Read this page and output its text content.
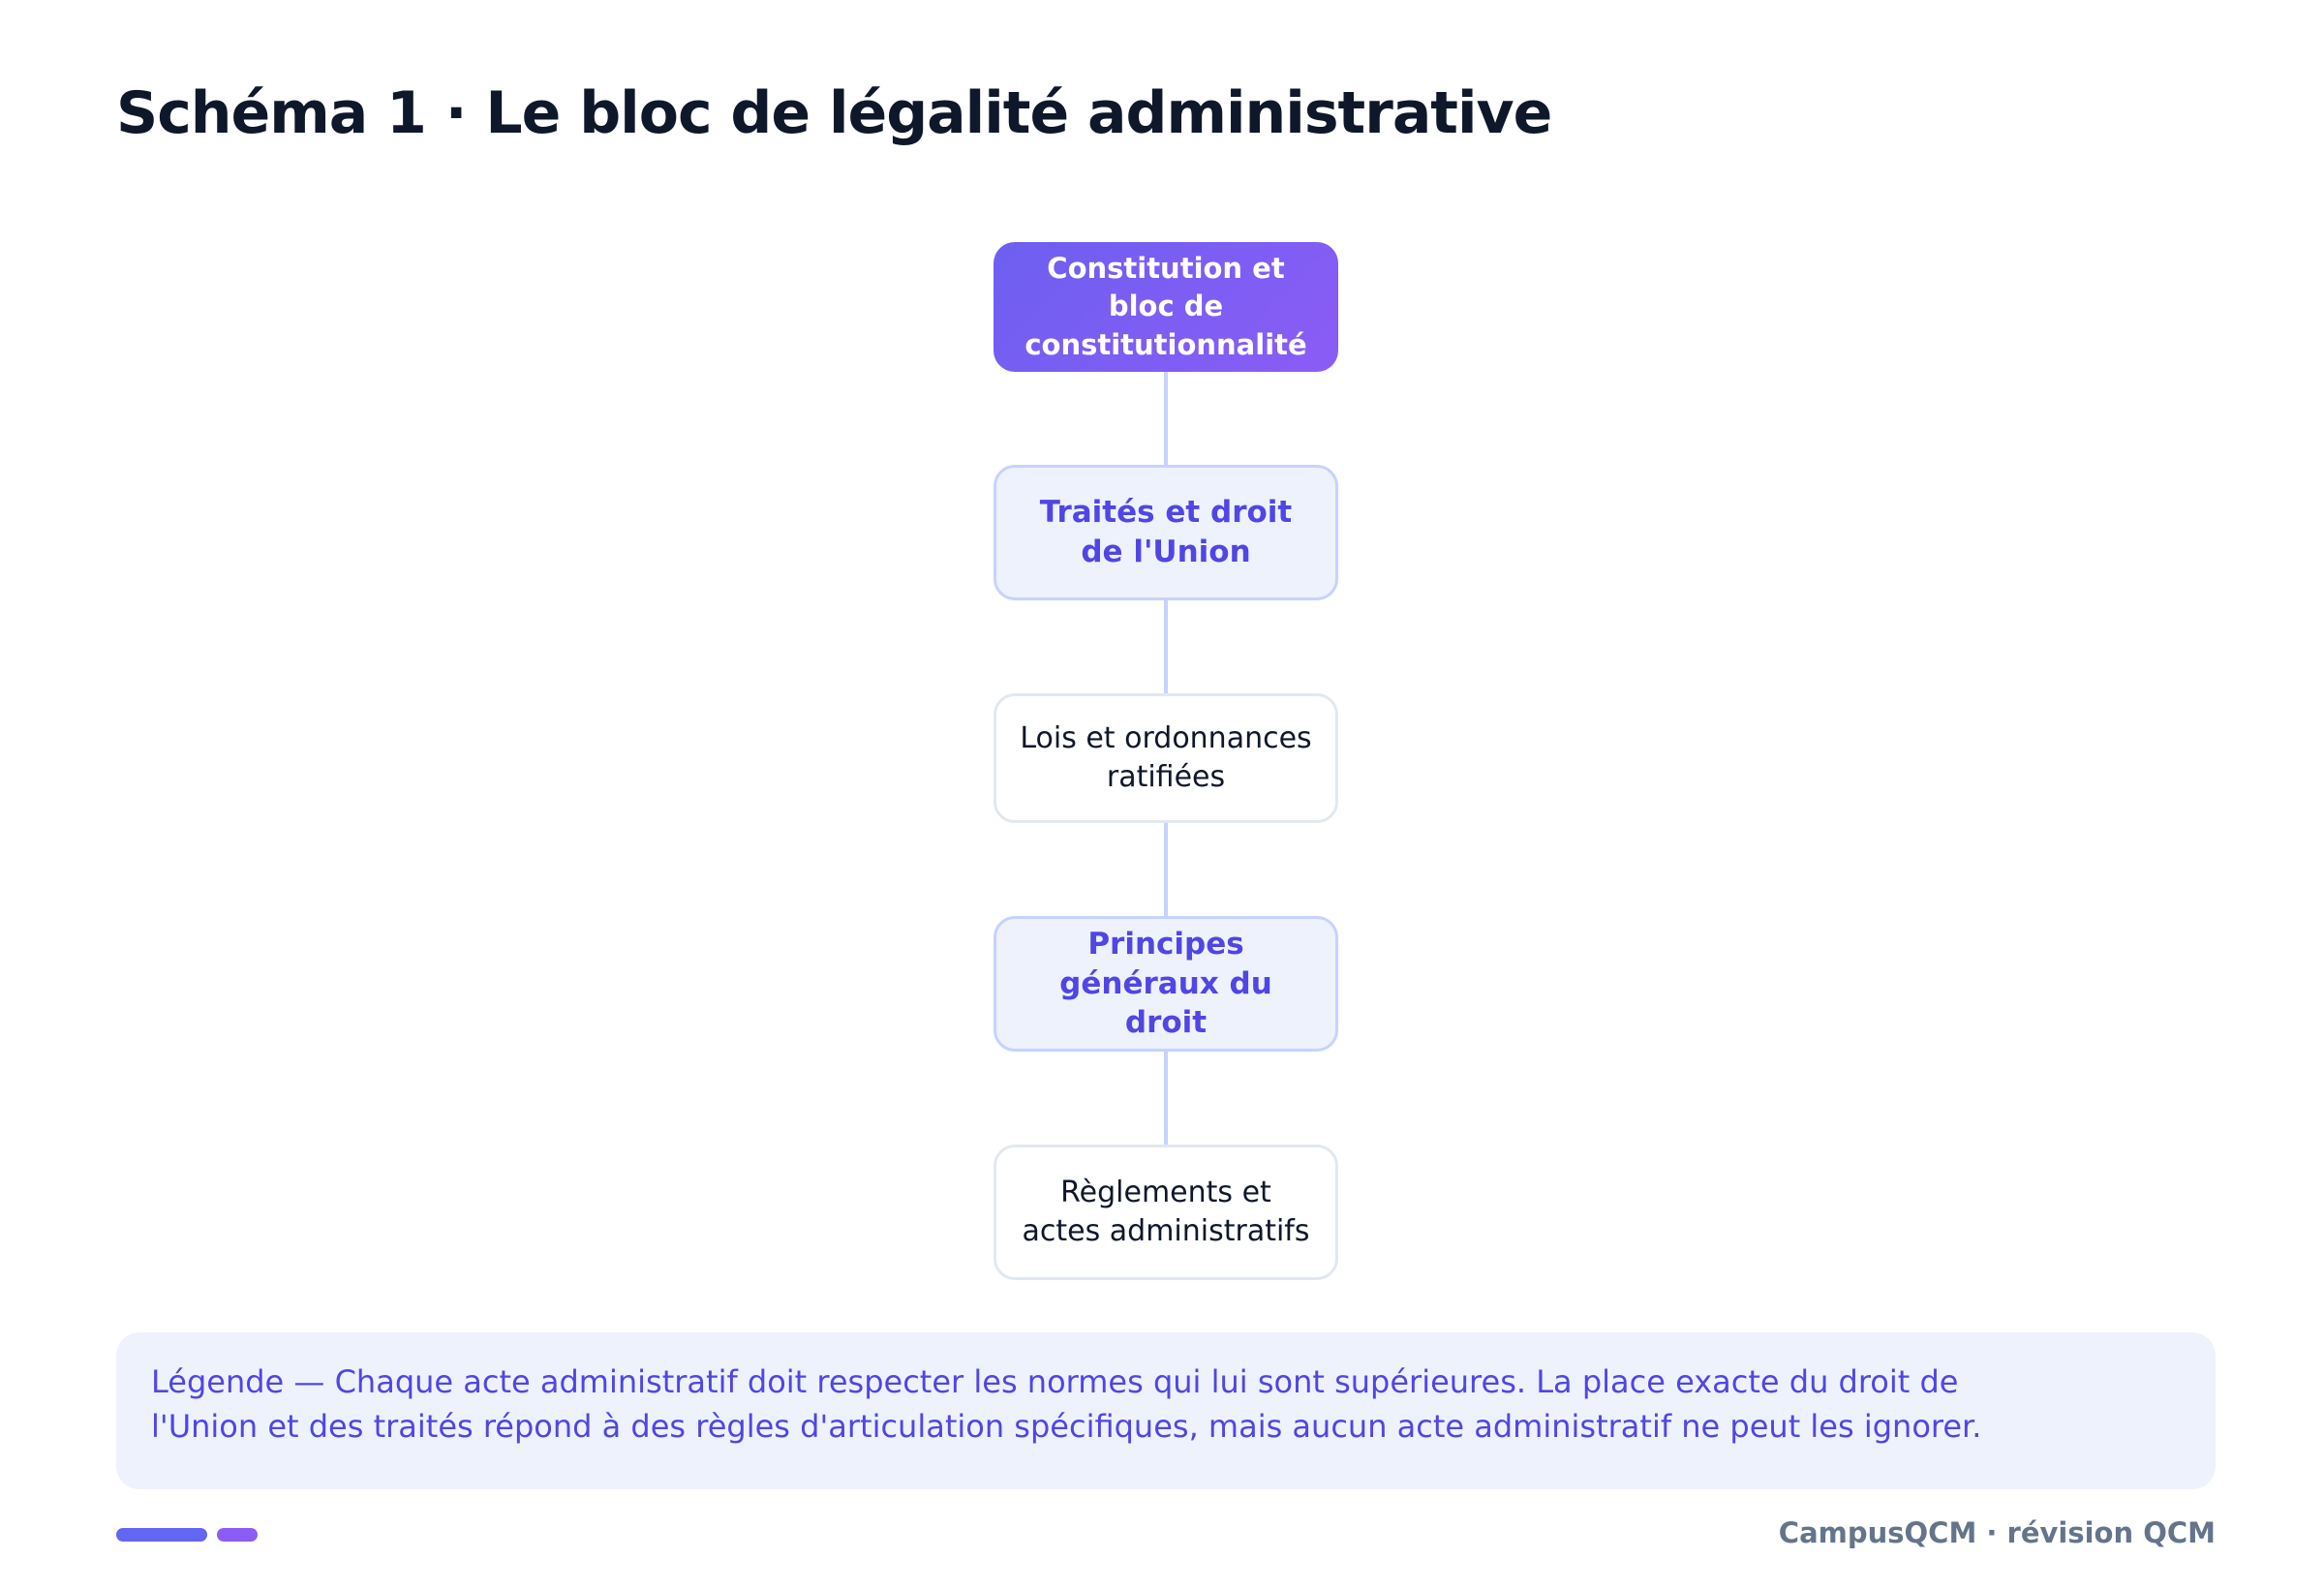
Schéma 1 · Le bloc de légalité administrative
Constitution et bloc de constitutionnalité
Traités et droit de l'Union
Lois et ordonnances ratifiées
Principes généraux du droit
Règlements et actes administratifs
Légende — Chaque acte administratif doit respecter les normes qui lui sont supérieures. La place exacte du droit de l'Union et des traités répond à des règles d'articulation spécifiques, mais aucun acte administratif ne peut les ignorer.
CampusQCM · révision QCM
